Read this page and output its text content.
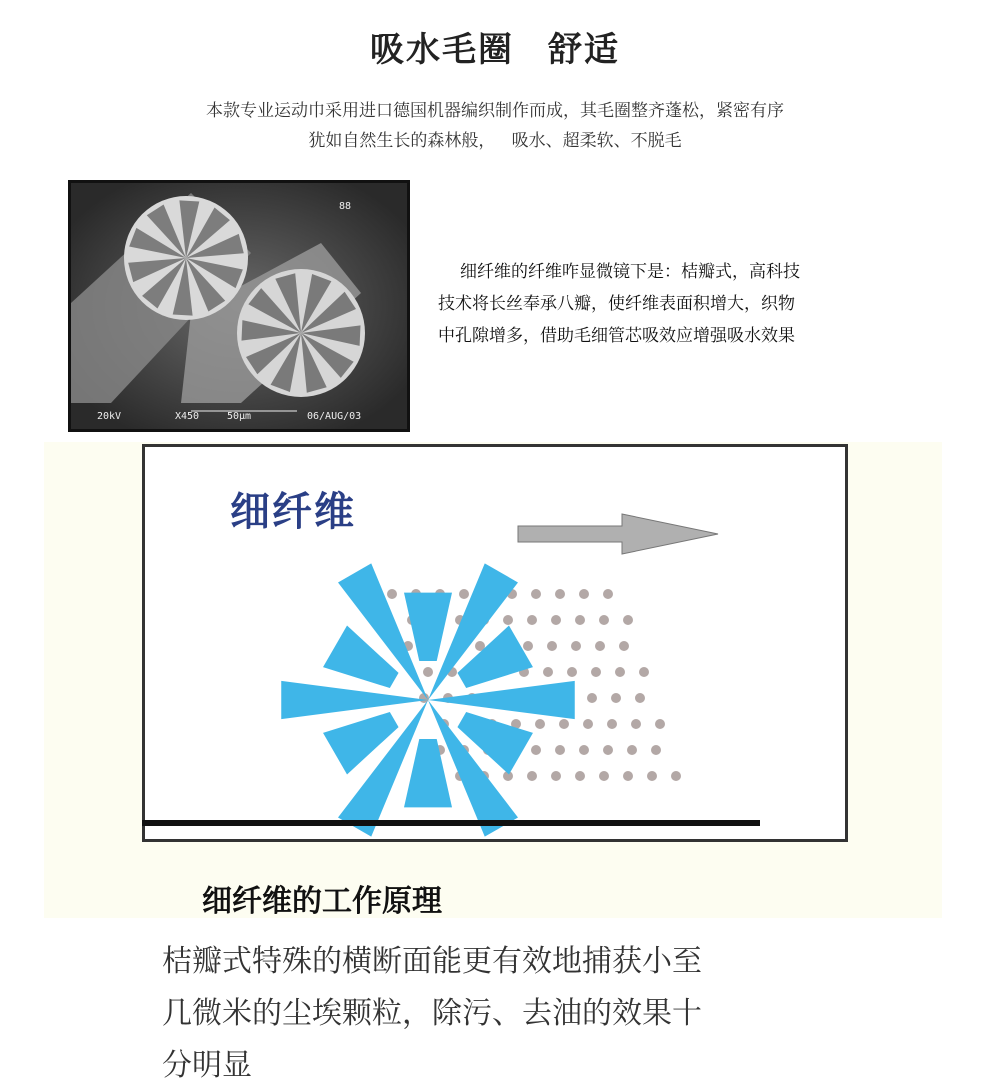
吸水毛圈 舒适
本款专业运动巾采用进口德国机器编织制作而成，其毛圈整齐蓬松，紧密有序
犹如自然生长的森林般，   吸水、超柔软、不脱毛
88
20kV	X450	50μm	06/AUG/03
细纤维的纤维咋显微镜下是：桔瓣式，高科技
技术将长丝奉承八瓣，使纤维表面积增大，织物
中孔隙增多，借助毛细管芯吸效应增强吸水效果
细纤维
细纤维的工作原理
桔瓣式特殊的横断面能更有效地捕获小至
几微米的尘埃颗粒，除污、去油的效果十
分明显
